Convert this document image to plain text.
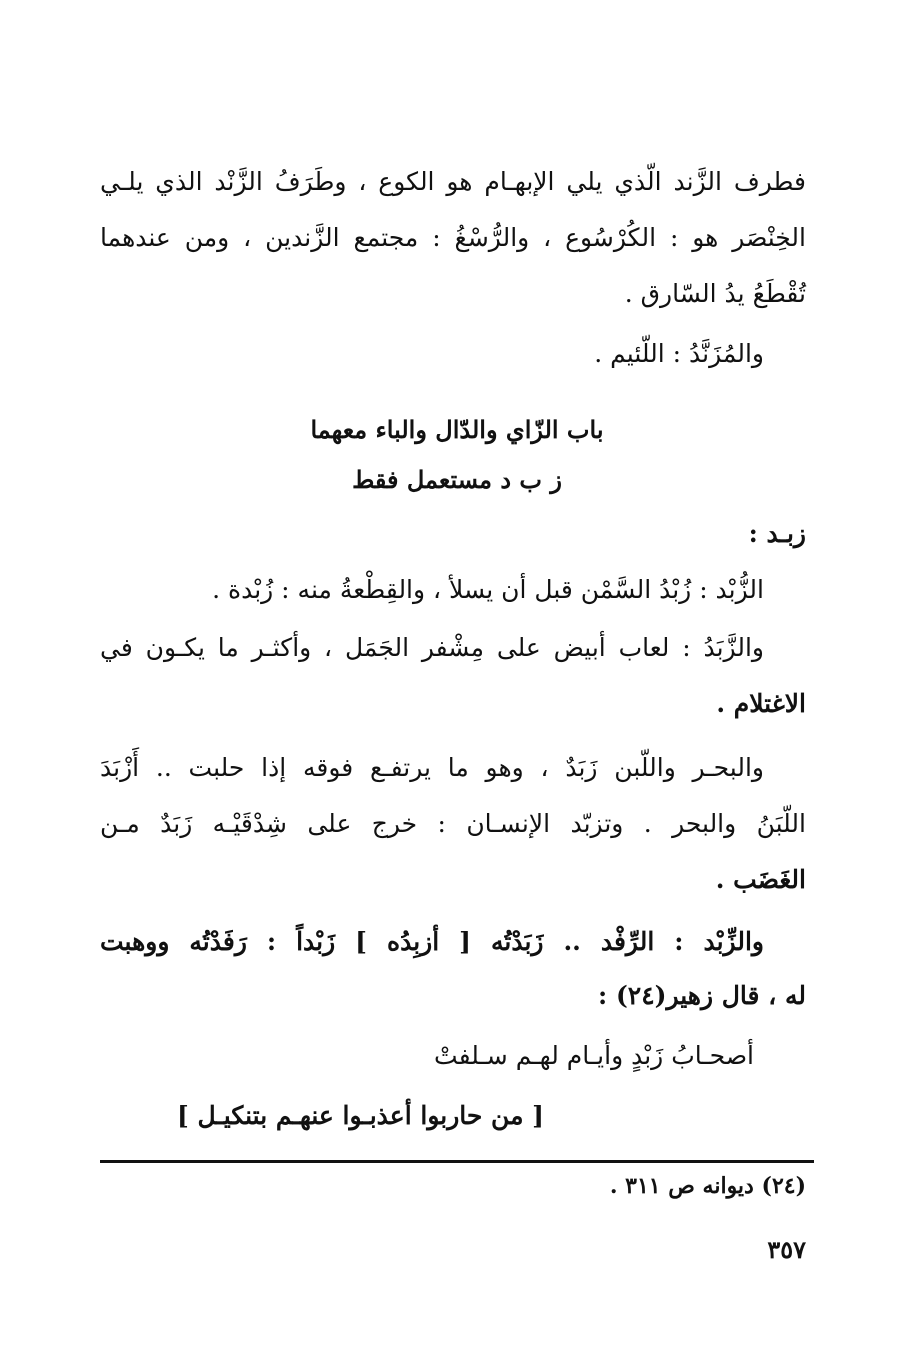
فطرف الزَّند الّذي يلي الإبهـام هو الكوع ، وطَرَفُ الزَّنْد الذي يلـي
الخِنْصَر هو : الكُرْسُوع ، والرُّسْغُ : مجتمع الزَّندين ، ومن عندهما
تُقْطَعُ يدُ السّارق .
والمُزَنَّدُ : اللّئيم .
باب الزّاي والدّال والباء معهما
ز ب د مستعمل فقط
زبـد :
الزُّبْد : زُبْدُ السَّمْن قبل أن يسلأ ، والقِطْعةُ منه : زُبْدة .
والزَّبَدُ : لعاب أبيض على مِشْفر الجَمَل ، وأكثـر ما يكـون في
الاغتلام .
والبحـر واللّبن زَبَدٌ ، وهو ما يرتفـع فوقه إذا حلبت .. أَزْبَدَ
اللّبَنُ والبحر . وتزبّد الإنسـان : خرج على شِدْقَيْـه زَبَدٌ مـن
الغَضَب .
والزِّبْد : الرِّفْد .. زَبَدْتُه [ أزبِدُه ] زَبْداً : رَفَدْتُه ووهبت
له ، قال زهير(٢٤) :
أصحـابُ زَبْدٍ وأيـام لهـم سـلفتْ
[ من حاربوا أعذبـوا عنهـم بتنكيـل ]
(٢٤) ديوانه ص ٣١١ .
٣٥٧
